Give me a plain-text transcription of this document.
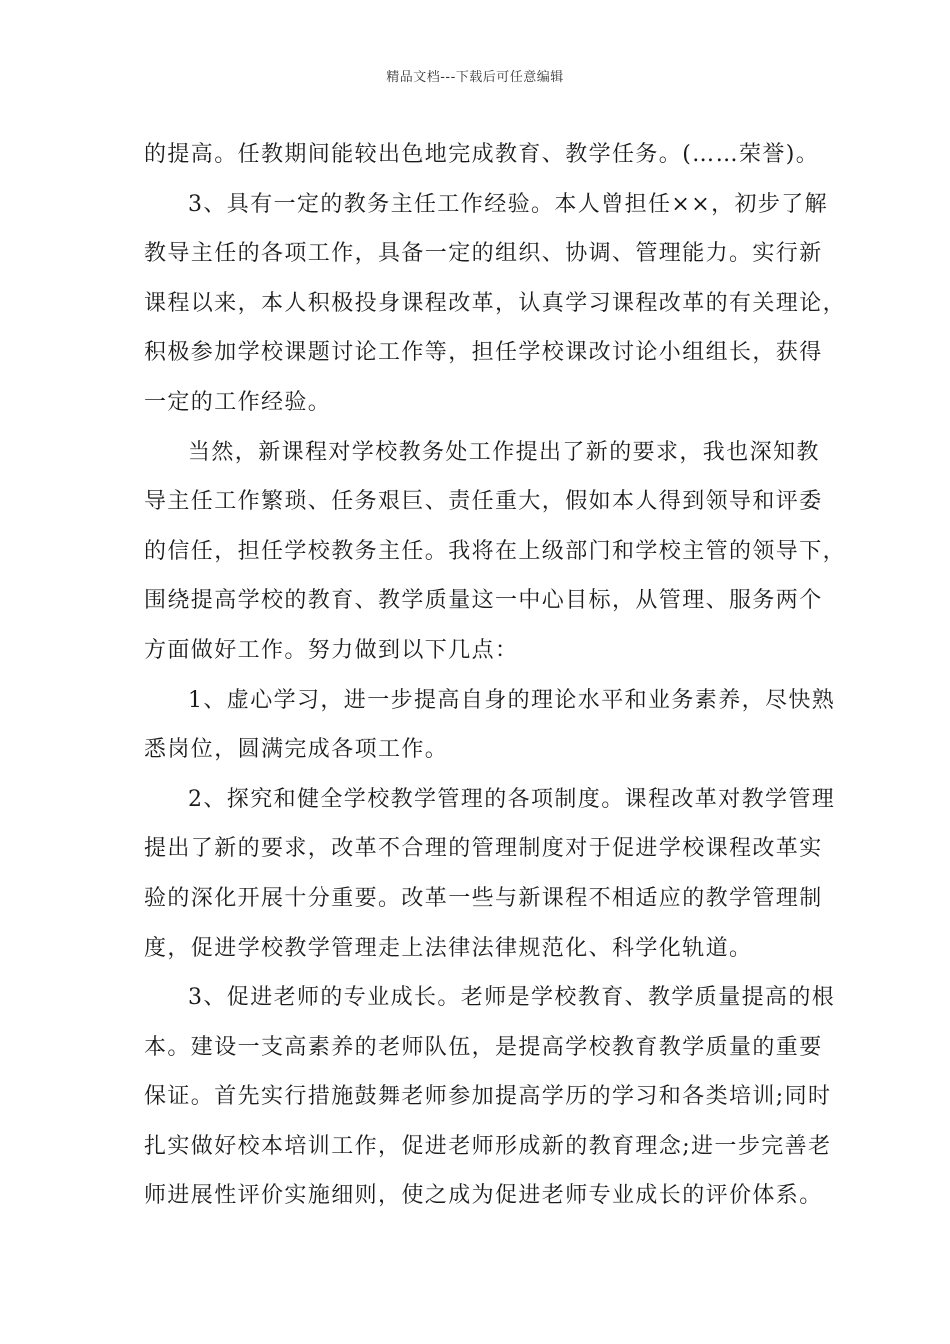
精品文档---下载后可任意编辑
的提高。任教期间能较出色地完成教育、教学任务。(……荣誉)。
3、具有一定的教务主任工作经验。本人曾担任××，初步了解
教导主任的各项工作，具备一定的组织、协调、管理能力。实行新
课程以来，本人积极投身课程改革，认真学习课程改革的有关理论，
积极参加学校课题讨论工作等，担任学校课改讨论小组组长，获得
一定的工作经验。
当然，新课程对学校教务处工作提出了新的要求，我也深知教
导主任工作繁琐、任务艰巨、责任重大，假如本人得到领导和评委
的信任，担任学校教务主任。我将在上级部门和学校主管的领导下，
围绕提高学校的教育、教学质量这一中心目标，从管理、服务两个
方面做好工作。努力做到以下几点：
1、虚心学习，进一步提高自身的理论水平和业务素养，尽快熟
悉岗位，圆满完成各项工作。
2、探究和健全学校教学管理的各项制度。课程改革对教学管理
提出了新的要求，改革不合理的管理制度对于促进学校课程改革实
验的深化开展十分重要。改革一些与新课程不相适应的教学管理制
度，促进学校教学管理走上法律法律规范化、科学化轨道。
3、促进老师的专业成长。老师是学校教育、教学质量提高的根
本。建设一支高素养的老师队伍，是提高学校教育教学质量的重要
保证。首先实行措施鼓舞老师参加提高学历的学习和各类培训;同时
扎实做好校本培训工作，促进老师形成新的教育理念;进一步完善老
师进展性评价实施细则，使之成为促进老师专业成长的评价体系。
